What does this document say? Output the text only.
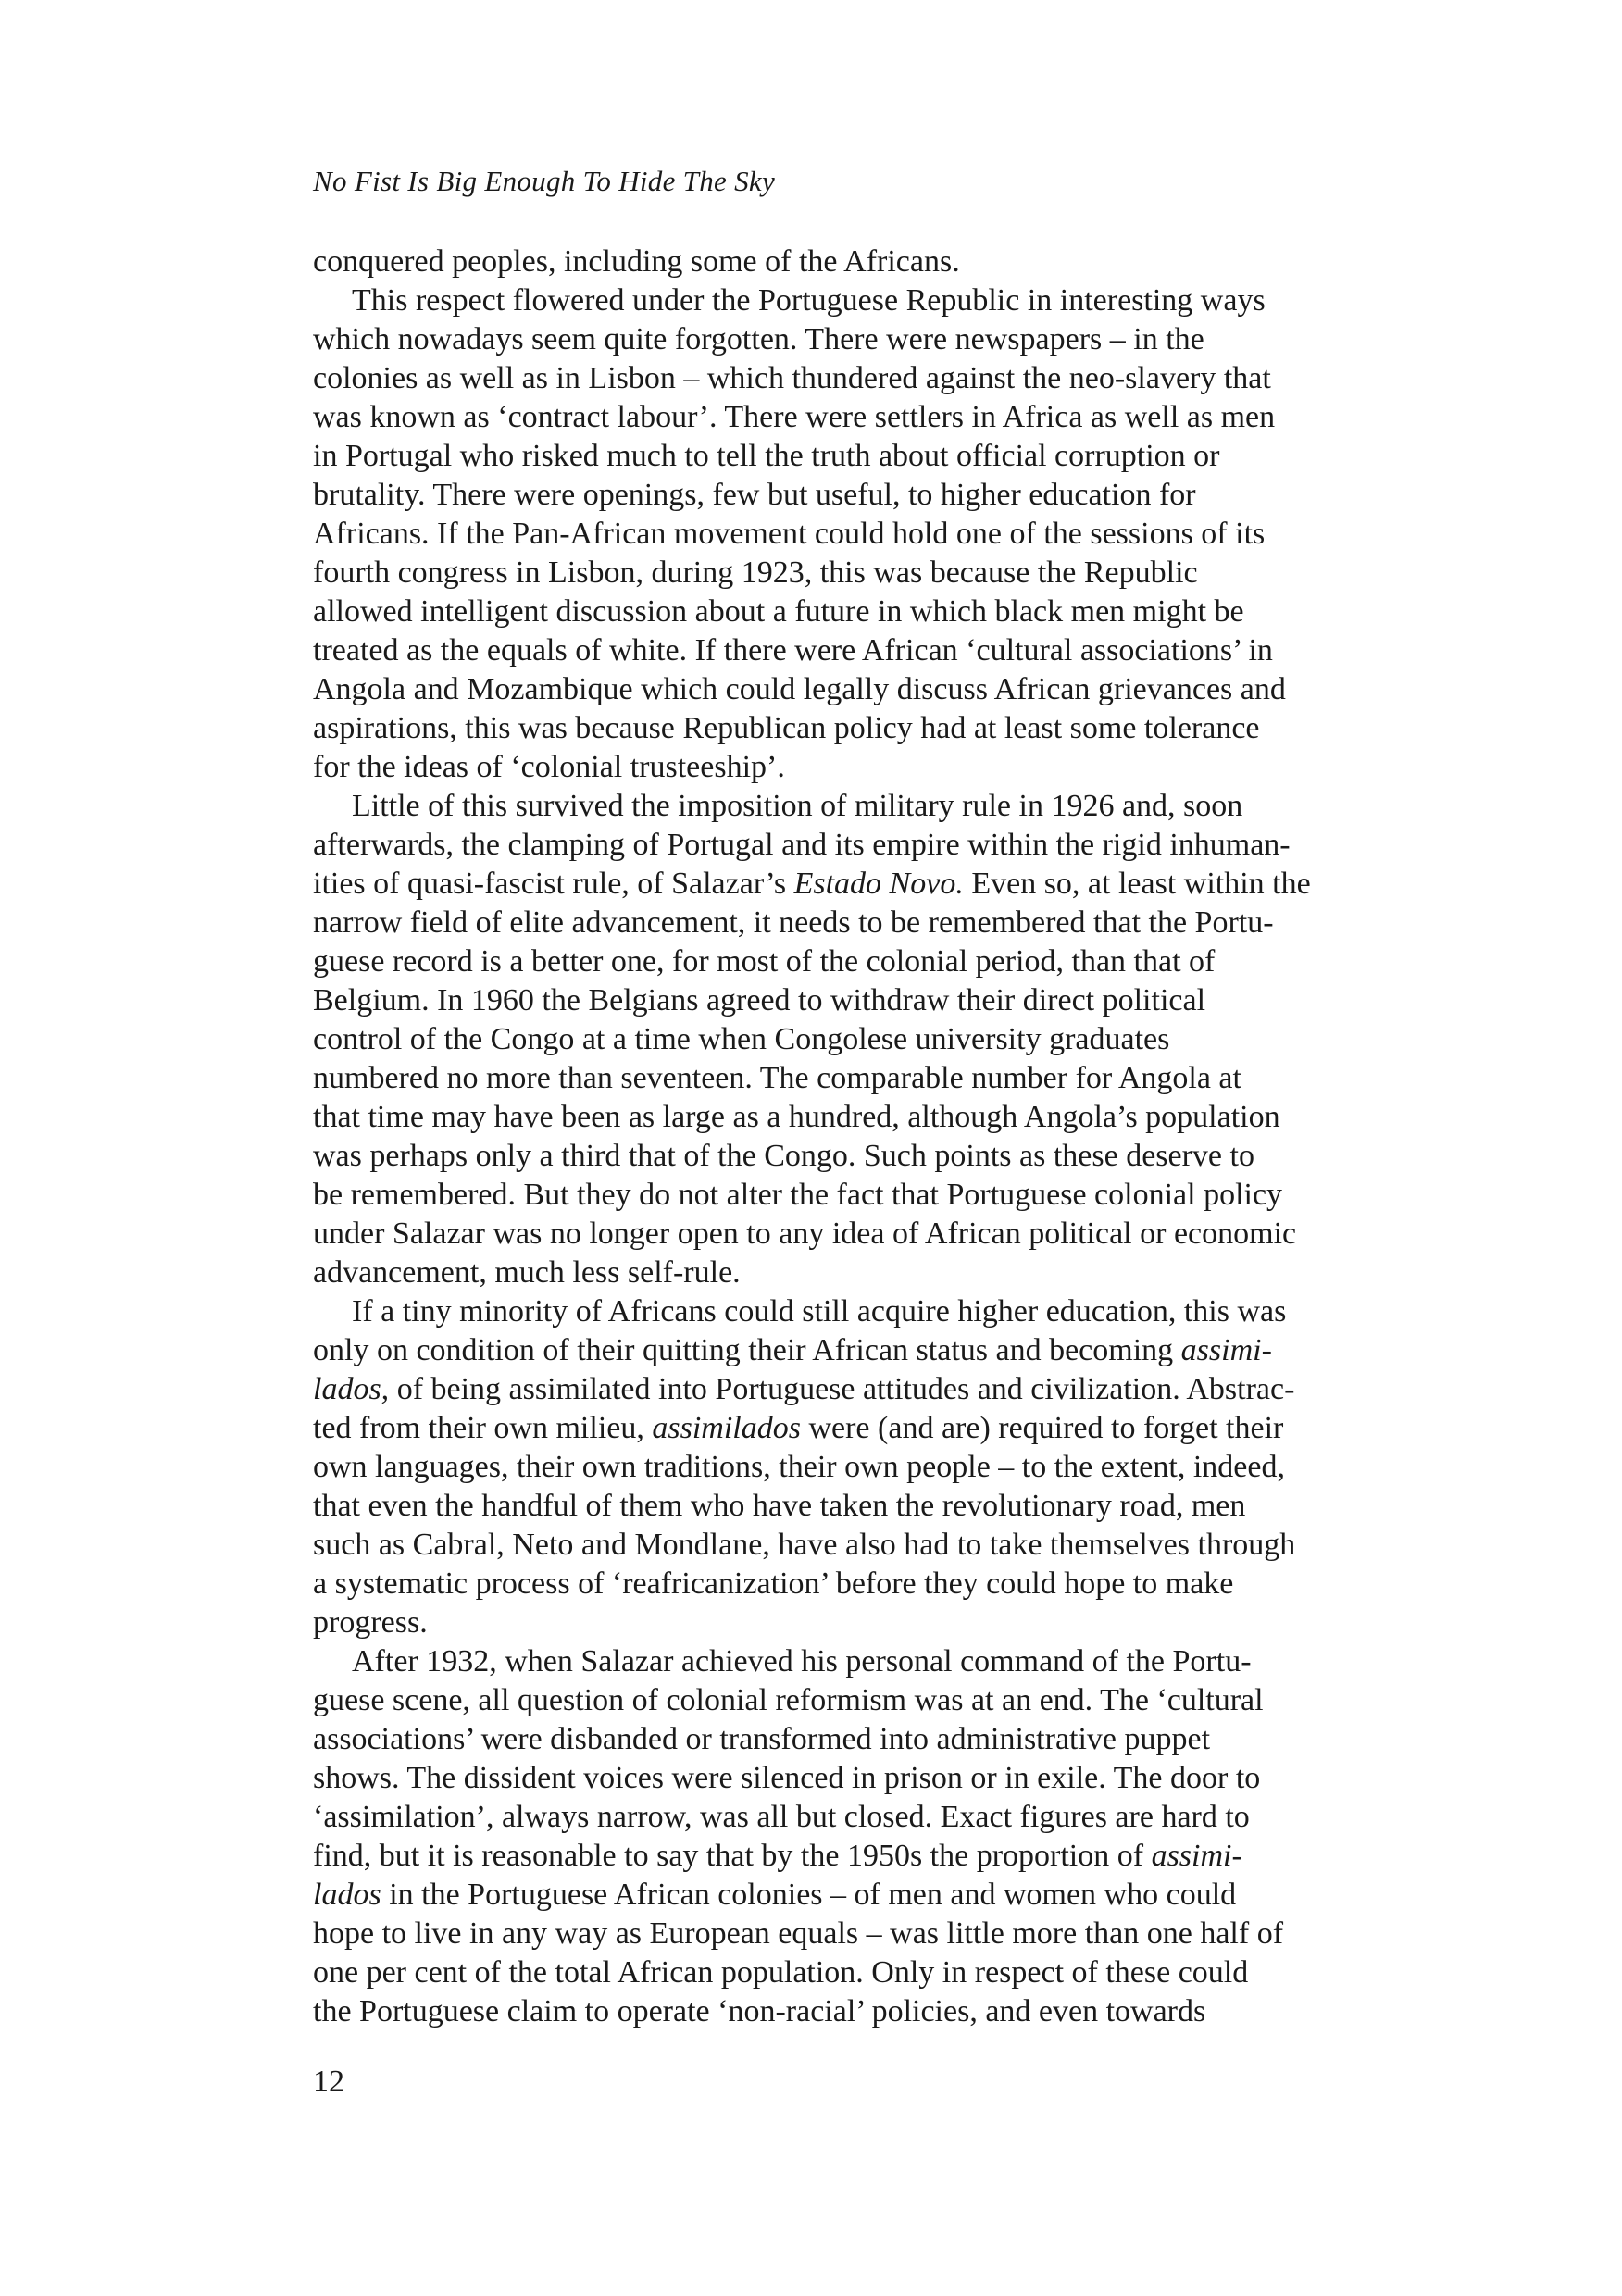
No Fist Is Big Enough To Hide The Sky
conquered peoples, including some of the Africans.
This respect flowered under the Portuguese Republic in interesting ways
which nowadays seem quite forgotten. There were newspapers – in the
colonies as well as in Lisbon – which thundered against the neo-slavery that
was known as ‘contract labour’. There were settlers in Africa as well as men
in Portugal who risked much to tell the truth about official corruption or
brutality. There were openings, few but useful, to higher education for
Africans. If the Pan-African movement could hold one of the sessions of its
fourth congress in Lisbon, during 1923, this was because the Republic
allowed intelligent discussion about a future in which black men might be
treated as the equals of white. If there were African ‘cultural associations’ in
Angola and Mozambique which could legally discuss African grievances and
aspirations, this was because Republican policy had at least some tolerance
for the ideas of ‘colonial trusteeship’.
Little of this survived the imposition of military rule in 1926 and, soon
afterwards, the clamping of Portugal and its empire within the rigid inhuman-
ities of quasi-fascist rule, of Salazar’s Estado Novo. Even so, at least within the
narrow field of elite advancement, it needs to be remembered that the Portu-
guese record is a better one, for most of the colonial period, than that of
Belgium. In 1960 the Belgians agreed to withdraw their direct political
control of the Congo at a time when Congolese university graduates
numbered no more than seventeen. The comparable number for Angola at
that time may have been as large as a hundred, although Angola’s population
was perhaps only a third that of the Congo. Such points as these deserve to
be remembered. But they do not alter the fact that Portuguese colonial policy
under Salazar was no longer open to any idea of African political or economic
advancement, much less self-rule.
If a tiny minority of Africans could still acquire higher education, this was
only on condition of their quitting their African status and becoming assimi-
lados, of being assimilated into Portuguese attitudes and civilization. Abstrac-
ted from their own milieu, assimilados were (and are) required to forget their
own languages, their own traditions, their own people – to the extent, indeed,
that even the handful of them who have taken the revolutionary road, men
such as Cabral, Neto and Mondlane, have also had to take themselves through
a systematic process of ‘reafricanization’ before they could hope to make
progress.
After 1932, when Salazar achieved his personal command of the Portu-
guese scene, all question of colonial reformism was at an end. The ‘cultural
associations’ were disbanded or transformed into administrative puppet
shows. The dissident voices were silenced in prison or in exile. The door to
‘assimilation’, always narrow, was all but closed. Exact figures are hard to
find, but it is reasonable to say that by the 1950s the proportion of assimi-
lados in the Portuguese African colonies – of men and women who could
hope to live in any way as European equals – was little more than one half of
one per cent of the total African population. Only in respect of these could
the Portuguese claim to operate ‘non-racial’ policies, and even towards
12
